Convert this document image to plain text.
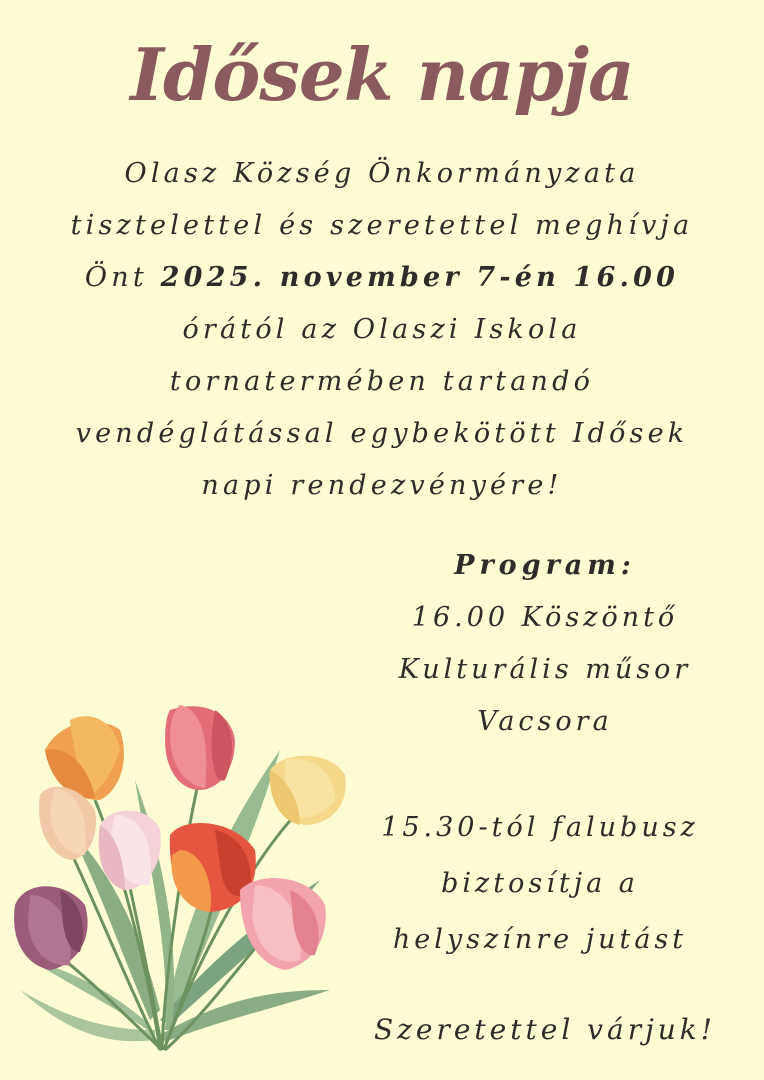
Idősek napja
Olasz Község Önkormányzata
tisztelettel és szeretettel meghívja
Önt 2025. november 7-én 16.00
órától az Olaszi Iskola
tornatermében tartandó
vendéglátással egybekötött Idősek
napi rendezvényére!
Program:
16.00 Köszöntő
Kulturális műsor
Vacsora
15.30-tól falubusz
biztosítja a
helyszínre jutást
Szeretettel várjuk!
